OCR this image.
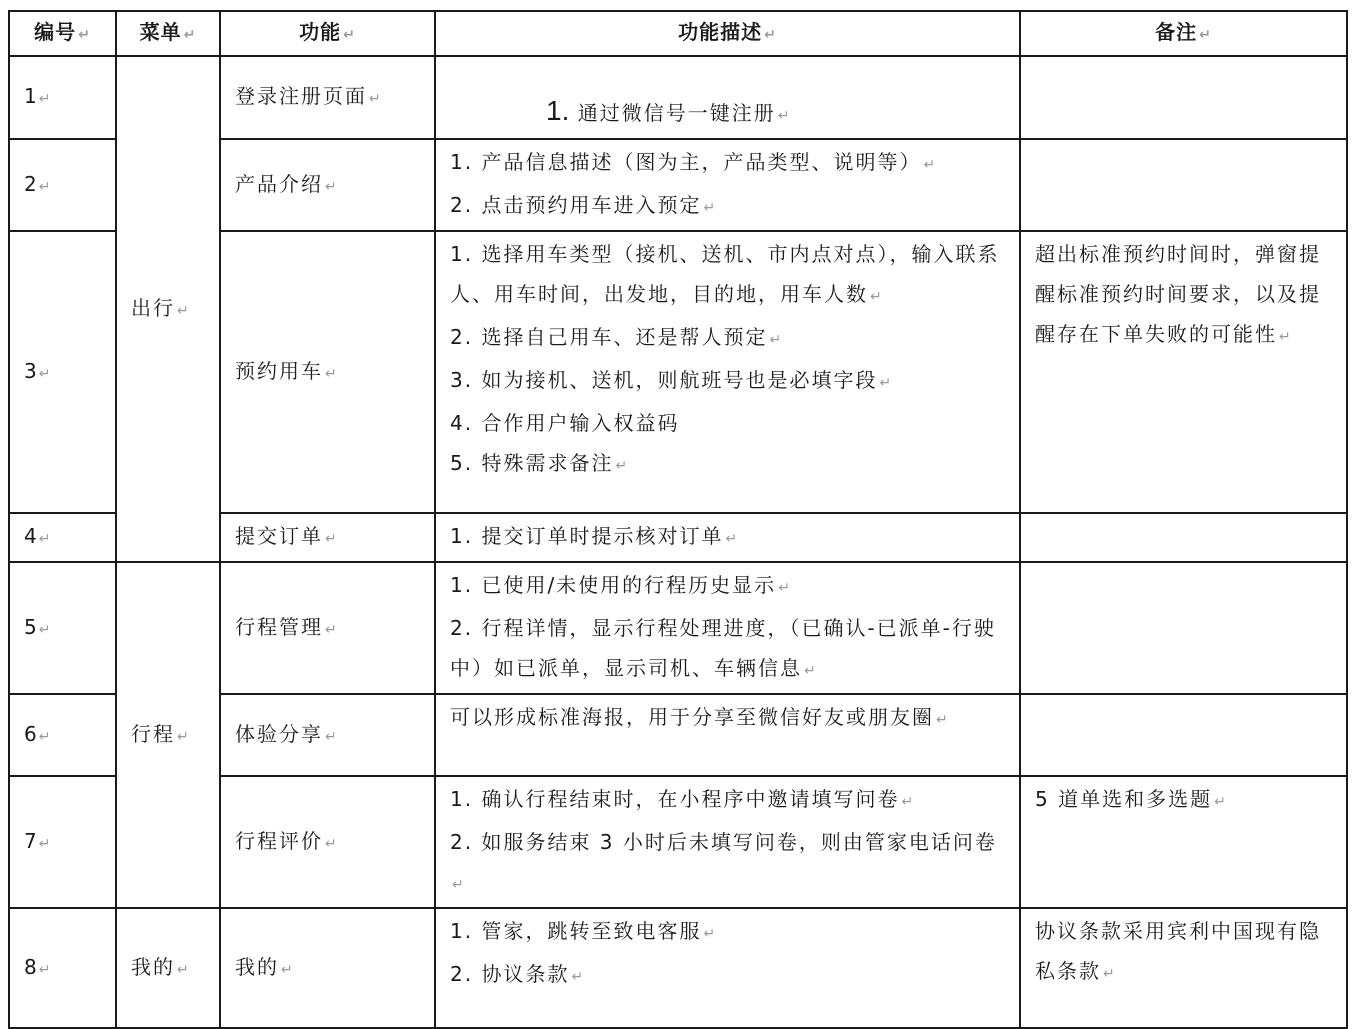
编号 ↵	菜单 ↵	功能 ↵	功能描述 ↵	备注 ↵
1 ↵	出行 ↵	登录注册页面 ↵	1. 通过微信号一键注册 ↵	

2 ↵		产品介绍 ↵	1. 产品信息描述（图为主，产品类型、说明等） ↵
2. 点击预约用车进入预定 ↵	

3 ↵		预约用车 ↵	1. 选择用车类型（接机、送机、市内点对点），输入联系人、用车时间，出发地，目的地，用车人数 ↵
2. 选择自己用车、还是帮人预定 ↵
3. 如为接机、送机，则航班号也是必填字段 ↵
4. 合作用户输入权益码
5. 特殊需求备注 ↵	超出标准预约时间时，弹窗提醒标准预约时间要求，以及提醒存在下单失败的可能性 ↵

4 ↵		提交订单 ↵	1. 提交订单时提示核对订单 ↵	

5 ↵	行程 ↵	行程管理 ↵	1. 已使用/未使用的行程历史显示 ↵
2. 行程详情，显示行程处理进度，（已确认-已派单-行驶中）如已派单，显示司机、车辆信息 ↵	

6 ↵		体验分享 ↵	可以形成标准海报，用于分享至微信好友或朋友圈 ↵	

7 ↵		行程评价 ↵	1. 确认行程结束时，在小程序中邀请填写问卷 ↵
2. 如服务结束 3 小时后未填写问卷，则由管家电话问卷↵	5 道单选和多选题 ↵

8 ↵	我的 ↵	我的 ↵	1. 管家，跳转至致电客服 ↵
2. 协议条款 ↵	协议条款采用宾利中国现有隐私条款 ↵
